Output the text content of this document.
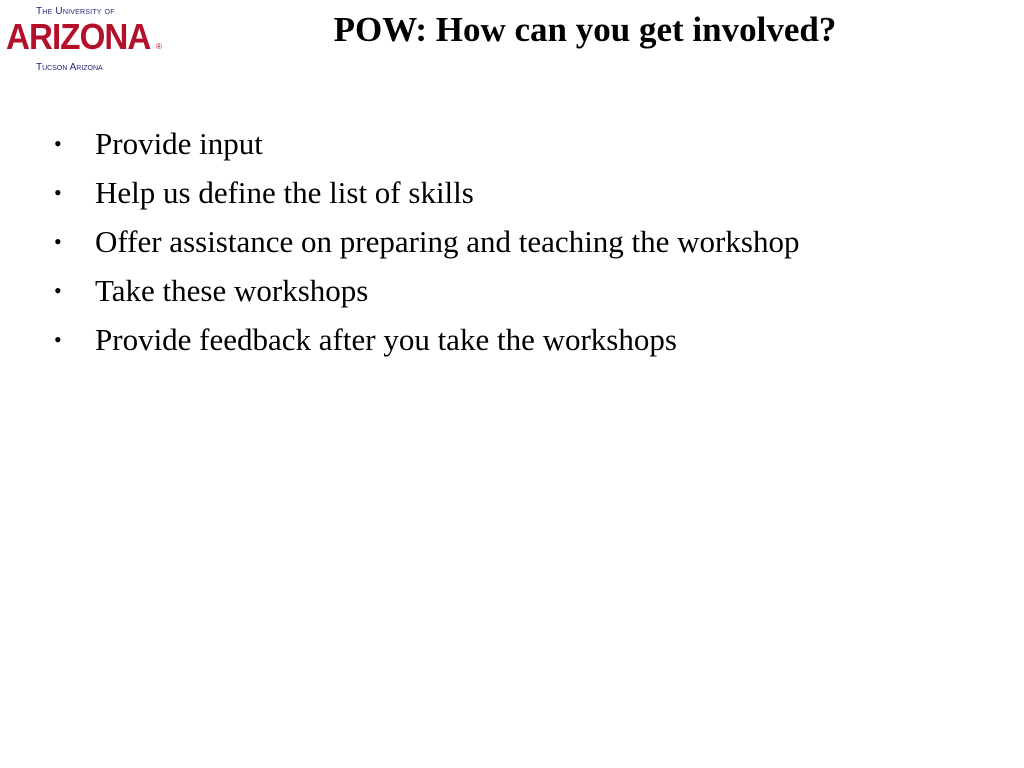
The University of
ARIZONA ®
Tucson Arizona
POW: How can you get involved?
•	Provide input
•	Help us define the list of skills
•	Offer assistance on preparing and teaching the workshop
•	Take these workshops
•	Provide feedback after you take the workshops
